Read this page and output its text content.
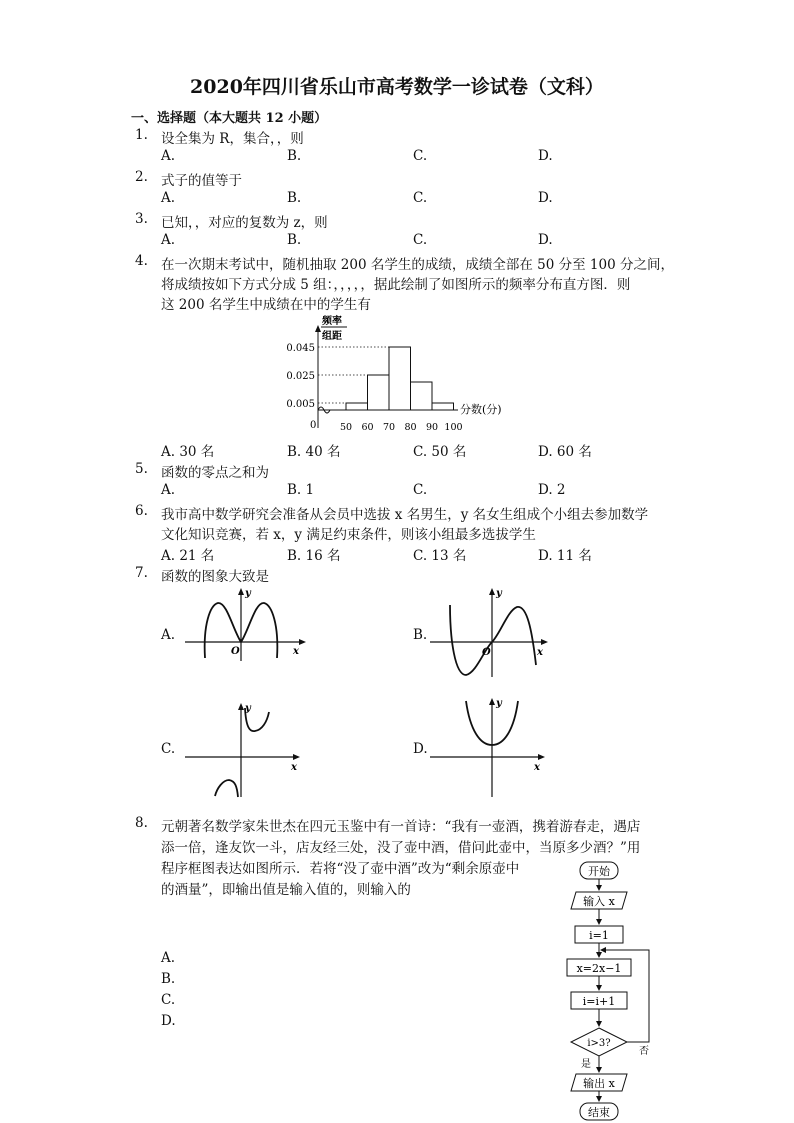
2020年四川省乐山市高考数学一诊试卷（文科）
一、选择题（本大题共 12 小题）
1. 设全集为 R，集合，，则
A.	B.	C.	D.
2. 式子的值等于
A.	B.	C.	D.
3. 已知，，对应的复数为 z，则
A.	B.	C.	D.
4. 在一次期末考试中，随机抽取 200 名学生的成绩，成绩全部在 50 分至 100 分之间，
将成绩按如下方式分成 5 组：，，，，，据此绘制了如图所示的频率分布直方图．则
这 200 名学生中成绩在中的学生有
频率
组距
0
分数(分)
0.045
0.025
0.005
50 60 70 80 90 100
A. 30 名	B. 40 名	C. 50 名	D. 60 名
5. 函数的零点之和为
A.	B. 1	C.	D. 2
6. 我市高中数学研究会准备从会员中选拔 x 名男生，y 名女生组成个小组去参加数学
文化知识竞赛，若 x，y 满足约束条件，则该小组最多选拔学生
A. 21 名	B. 16 名	C. 13 名	D. 11 名
7. 函数的图象大致是
A.
y
x
O
B.
y
x
O
C.
y
x
D.
y
x
8. 元朝著名数学家朱世杰在四元玉鉴中有一首诗：“我有一壶酒，携着游春走，遇店
添一倍，逢友饮一斗，店友经三处，没了壶中酒，借问此壶中，当原多少酒？”用
程序框图表达如图所示．若将“没了壶中酒”改为“剩余原壶中
的酒量”，即输出值是输入值的，则输入的
A.
B.
C.
D.
开始
输入 x
i=1
x=2x−1
i=i+1
i>3?
否
是
输出 x
结束
